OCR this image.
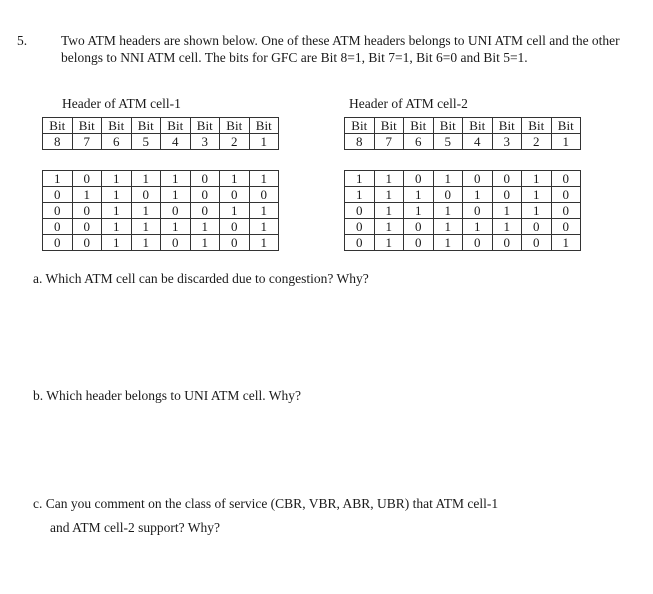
5.	Two ATM headers are shown below. One of these ATM headers belongs to UNI ATM cell and the other belongs to NNI ATM cell. The bits for GFC are Bit 8=1, Bit 7=1, Bit 6=0 and Bit 5=1.

Header of ATM cell-1	Header of ATM cell-2
Bit	Bit	Bit	Bit	Bit	Bit	Bit	Bit
8	7	6	5	4	3	2	1
Bit	Bit	Bit	Bit	Bit	Bit	Bit	Bit
8	7	6	5	4	3	2	1
1	0	1	1	1	0	1	1
0	1	1	0	1	0	0	0
0	0	1	1	0	0	1	1
0	0	1	1	1	1	0	1
0	0	1	1	0	1	0	1
1	1	0	1	0	0	1	0
1	1	1	0	1	0	1	0
0	1	1	1	0	1	1	0
0	1	0	1	1	1	0	0
0	1	0	1	0	0	0	1
a. Which ATM cell can be discarded due to congestion? Why?
b. Which header belongs to UNI ATM cell. Why?
c. Can you comment on the class of service (CBR, VBR, ABR, UBR) that ATM cell-1
and ATM cell-2 support? Why?
